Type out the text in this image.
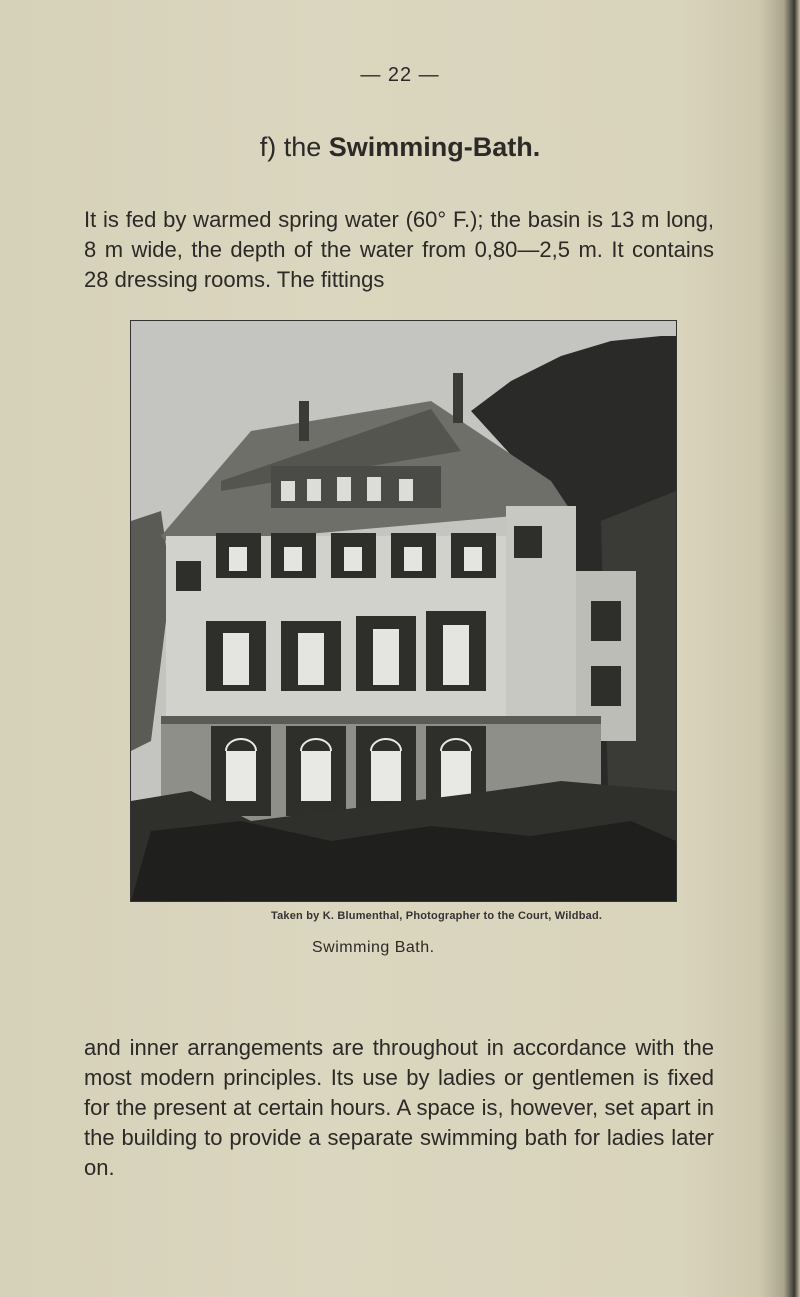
— 22 —
f) the Swimming-Bath.

It is fed by warmed spring water (60° F.); the basin is 13 m long, 8 m wide, the depth of the water from 0,80—2,5 m. It contains 28 dressing rooms. The fittings

Taken by K. Blumenthal, Photographer to the Court, Wildbad.
Swimming Bath.

and inner arrangements are throughout in accordance with the most modern principles. Its use by ladies or gentlemen is fixed for the present at certain hours. A space is, however, set apart in the building to provide a separate swimming bath for ladies later on.
